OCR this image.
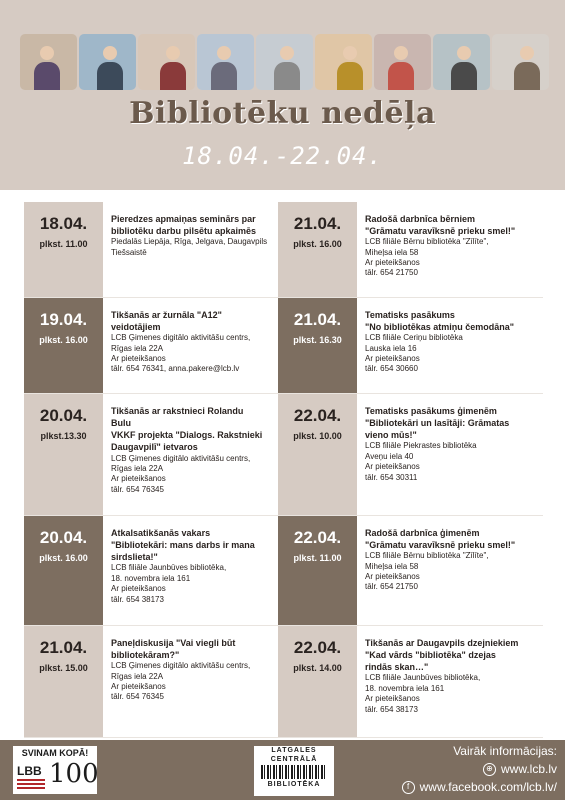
Bibliotēku nedēļa
18.04.-22.04.
18.04.
plkst. 11.00
Pieredzes apmaiņas seminārs par
bibliotēku darbu pilsētu apkaimēs
Piedalās Liepāja, Rīga, Jelgava, Daugavpils
Tiešsaistē
19.04.
plkst. 16.00
Tikšanās ar žurnāla "A12"
veidotājiem
LCB Ģimenes digitālo aktivitāšu centrs,
Rīgas iela 22A
Ar pieteikšanos
tālr. 654 76341, anna.pakere@lcb.lv
20.04.
plkst.13.30
Tikšanās ar rakstnieci Rolandu
Bulu
VKKF projekta "Dialogs. Rakstnieki
Daugavpilī" ietvaros
LCB Ģimenes digitālo aktivitāšu centrs,
Rīgas iela 22A
Ar pieteikšanos
tālr. 654 76345
20.04.
plkst. 16.00
Atkalsatikšanās vakars
"Bibliotekāri: mans darbs ir mana
sirdslieta!"
LCB filiāle Jaunbūves bibliotēka,
18. novembra iela 161
Ar pieteikšanos
tālr. 654 38173
21.04.
plkst. 15.00
Paneļdiskusija "Vai viegli būt
bibliotekāram?"
LCB Ģimenes digitālo aktivitāšu centrs,
Rīgas iela 22A
Ar pieteikšanos
tālr. 654 76345
21.04.
plkst. 16.00
Radošā darbnīca bērniem
"Grāmatu varavīksnē prieku smel!"
LCB filiāle Bērnu bibliotēka "Zīlīte",
Miheļsa iela 58
Ar pieteikšanos
tālr. 654 21750
21.04.
plkst. 16.30
Tematisks pasākums
"No bibliotēkas atmiņu čemodāna"
LCB filiāle Ceriņu bibliotēka
Lauska iela 16
Ar pieteikšanos
tālr. 654 30660
22.04.
plkst. 10.00
Tematisks pasākums ģimenēm
"Bibliotekāri un lasītāji: Grāmatas
vieno mūs!"
LCB filiāle Piekrastes bibliotēka
Aveņu iela 40
Ar pieteikšanos
tālr. 654 30311
22.04.
plkst. 11.00
Radošā darbnīca ģimenēm
"Grāmatu varavīksnē prieku smel!"
LCB filiāle Bērnu bibliotēka "Zīlīte",
Miheļsa iela 58
Ar pieteikšanos
tālr. 654 21750
22.04.
plkst. 14.00
Tikšanās ar Daugavpils dzejniekiem
"Kad vārds "bibliotēka" dzejas
rindās skan…"
LCB filiāle Jaunbūves bibliotēka,
18. novembra iela 161
Ar pieteikšanos
tālr. 654 38173
SVINAM KOPĀ!
LBB 100
LATGALES
CENTRĀLĀ
BIBLIOTĒKA
Vairāk informācijas:
⊕ www.lcb.lv
f www.facebook.com/lcb.lv/
